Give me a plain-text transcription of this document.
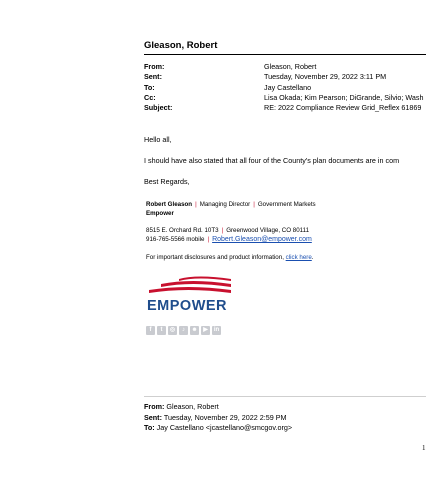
Gleason, Robert
From:	Gleason, Robert
Sent:	Tuesday, November 29, 2022 3:11 PM
To:	Jay Castellano
Cc:	Lisa Okada; Kim Pearson; DiGrande, Silvio; Wash
Subject:	RE: 2022 Compliance Review Grid_Reflex 61869
Hello all,
I should have also stated that all four of the County's plan documents are in com
Best Regards,
Robert Gleason | Managing Director | Government Markets
Empower
8515 E. Orchard Rd. 10T3 | Greenwood Village, CO 80111
916-765-5566 mobile | Robert.Gleason@empower.com
For important disclosures and product information, click here.
EMPOWER
f	t	◎	♪	☻ ▶	in
From: Gleason, Robert
Sent: Tuesday, November 29, 2022 2:59 PM
To: Jay Castellano <jcastellano@smcgov.org>
1
